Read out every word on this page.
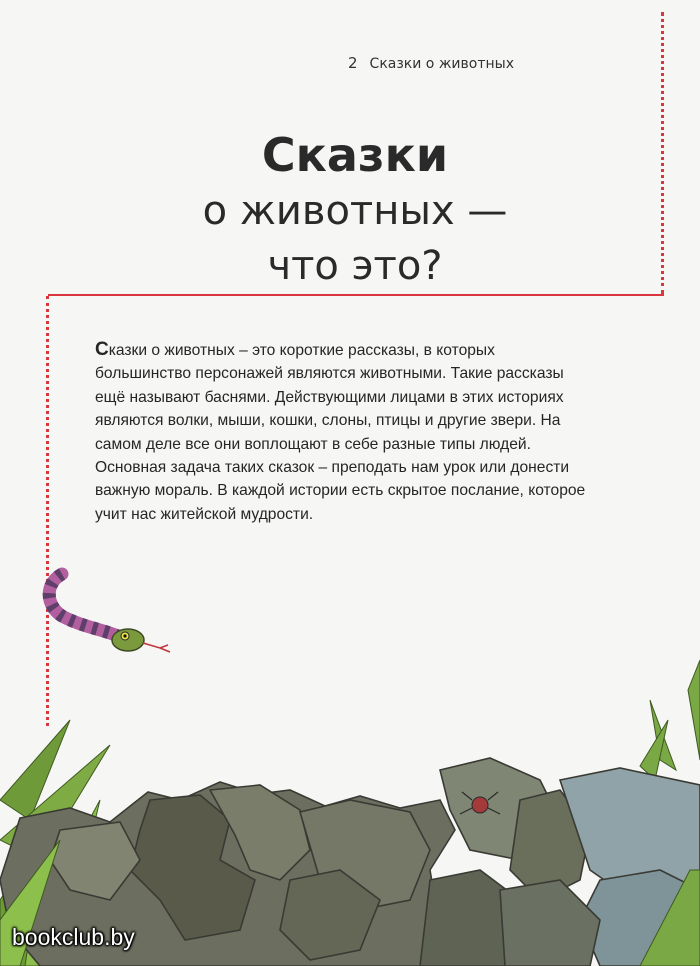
2 Сказки о животных
Сказки
о животных —
что это?

Сказки о животных – это короткие рассказы, в которых большинство персонажей являются животными. Такие рассказы ещё называют баснями. Действующими лицами в этих историях являются волки, мыши, кошки, слоны, птицы и другие звери. На самом деле все они воплощают в себе разные типы людей. Основная задача таких сказок – преподать нам урок или донести важную мораль. В каждой истории есть скрытое послание, которое учит нас житейской мудрости.

bookclub.by
